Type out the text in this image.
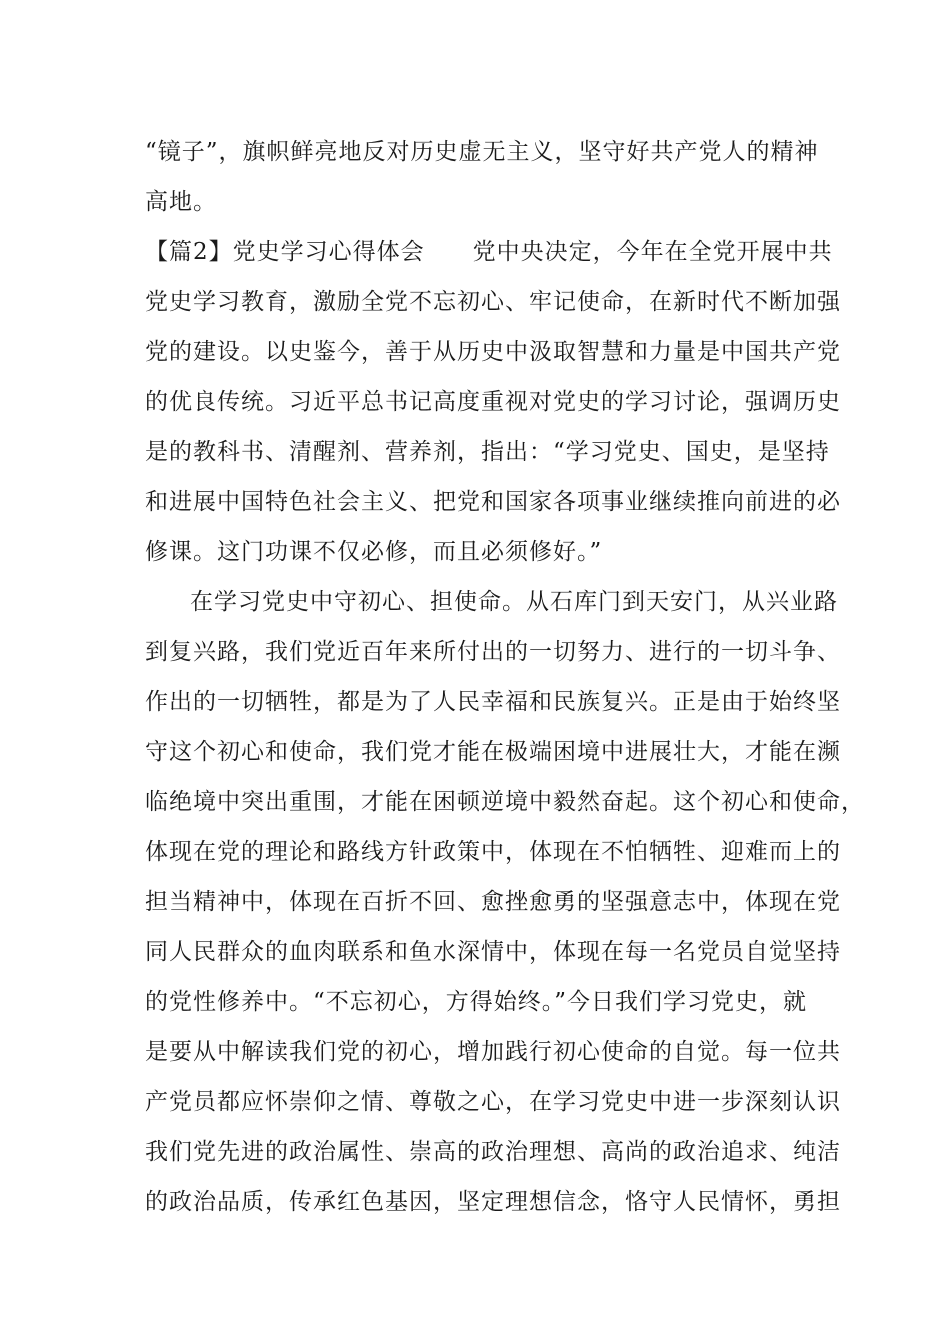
“镜子”，旗帜鲜亮地反对历史虚无主义，坚守好共产党人的精神
高地。
【篇2】党史学习心得体会　　党中央决定，今年在全党开展中共
党史学习教育，激励全党不忘初心、牢记使命，在新时代不断加强
党的建设。以史鉴今，善于从历史中汲取智慧和力量是中国共产党
的优良传统。习近平总书记高度重视对党史的学习讨论，强调历史
是的教科书、清醒剂、营养剂，指出：“学习党史、国史，是坚持
和进展中国特色社会主义、把党和国家各项事业继续推向前进的必
修课。这门功课不仅必修，而且必须修好。”
在学习党史中守初心、担使命。从石库门到天安门，从兴业路
到复兴路，我们党近百年来所付出的一切努力、进行的一切斗争、
作出的一切牺牲，都是为了人民幸福和民族复兴。正是由于始终坚
守这个初心和使命，我们党才能在极端困境中进展壮大，才能在濒
临绝境中突出重围，才能在困顿逆境中毅然奋起。这个初心和使命，
体现在党的理论和路线方针政策中，体现在不怕牺牲、迎难而上的
担当精神中，体现在百折不回、愈挫愈勇的坚强意志中，体现在党
同人民群众的血肉联系和鱼水深情中，体现在每一名党员自觉坚持
的党性修养中。“不忘初心，方得始终。”今日我们学习党史，就
是要从中解读我们党的初心，增加践行初心使命的自觉。每一位共
产党员都应怀崇仰之情、尊敬之心，在学习党史中进一步深刻认识
我们党先进的政治属性、崇高的政治理想、高尚的政治追求、纯洁
的政治品质，传承红色基因，坚定理想信念，恪守人民情怀，勇担
